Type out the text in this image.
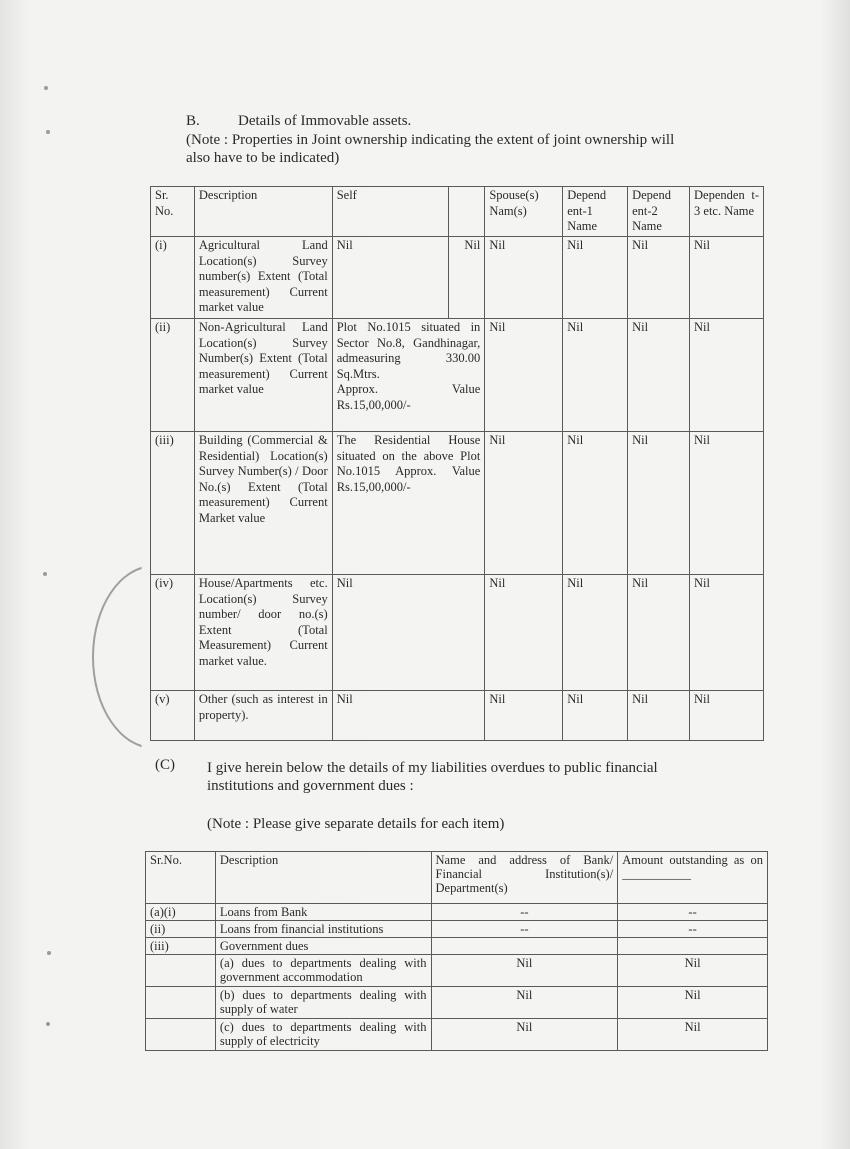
B.	Details of Immovable assets.
(Note : Properties in Joint ownership indicating the extent of joint ownership will
also have to be indicated)
Sr. No.	Description	Self		Spouse(s) Nam(s)	Depend ent-1 Name	Depend ent-2 Name	Dependen t-3 etc. Name
(i)	Agricultural Land Location(s) Survey number(s) Extent (Total measurement) Current market value	Nil	Nil	Nil	Nil	Nil	Nil
(ii)	Non-Agricultural Land Location(s) Survey Number(s) Extent (Total measurement) Current market value	Plot No.1015 situated in Sector No.8, Gandhinagar, admeasuring 330.00 Sq.Mtrs.
Approx. Value Rs.15,00,000/-		Nil	Nil	Nil	Nil
(iii)	Building (Commercial & Residential) Location(s) Survey Number(s) / Door No.(s) Extent (Total measurement) Current Market value	The Residential House situated on the above Plot No.1015 Approx. Value Rs.15,00,000/-		Nil	Nil	Nil	Nil
(iv)	House/Apartments etc. Location(s) Survey number/ door no.(s) Extent (Total Measurement) Current market value.	Nil		Nil	Nil	Nil	Nil
(v)	Other (such as interest in property).	Nil		Nil	Nil	Nil	Nil
(C) I give herein below the details of my liabilities overdues to public financial
institutions and government dues :
(Note : Please give separate details for each item)
Sr.No.	Description	Name and address of Bank/ Financial Institution(s)/ Department(s)	Amount outstanding as on ___________
(a)(i)	Loans from Bank	--	--
(ii)	Loans from financial institutions	--	--
(iii)	Government dues		
	(a) dues to departments dealing with government accommodation	Nil	Nil
	(b) dues to departments dealing with supply of water	Nil	Nil
	(c) dues to departments dealing with supply of electricity	Nil	Nil
